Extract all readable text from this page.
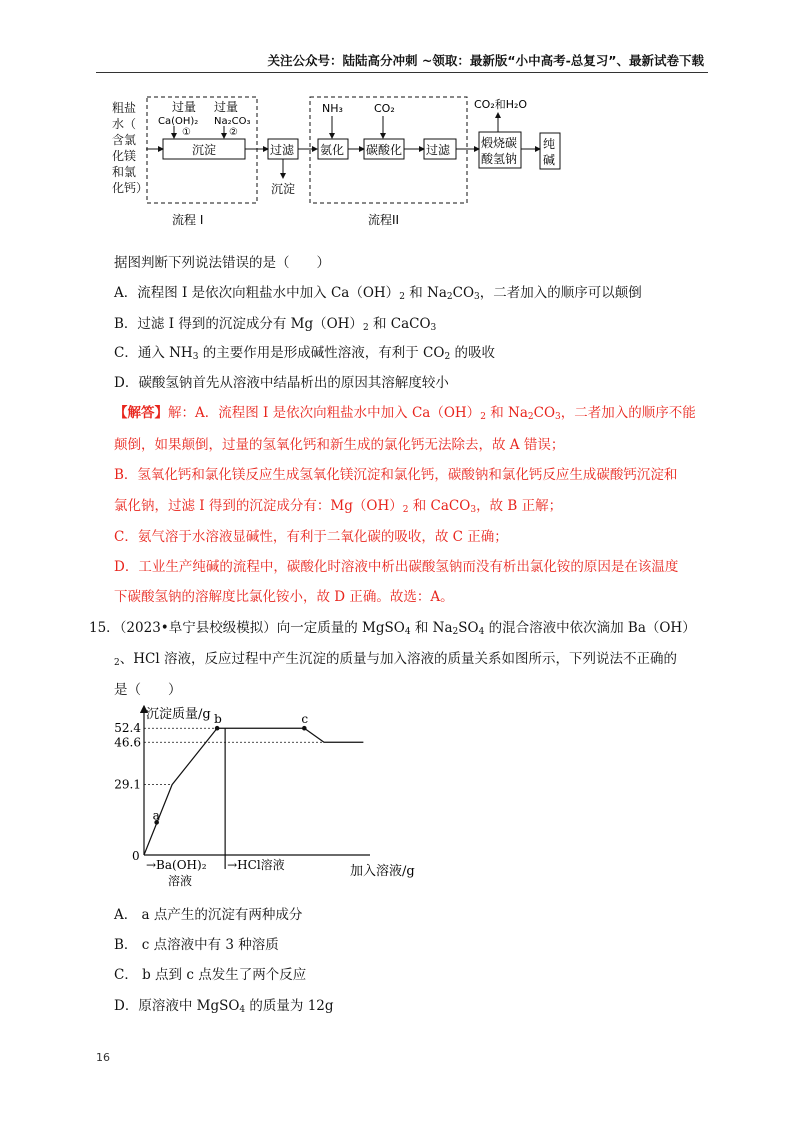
关注公众号：陆陆高分冲刺 ~领取：最新版“小中高考-总复习”、最新试卷下载
粗盐
水（
含氯
化镁
和氯
化钙）
过量
Ca(OH)₂
①
过量
Na₂CO₃
②
沉淀	过滤
沉淀
NH₃	CO₂
氨化 碳酸化 过滤
CO₂和H₂O
煅烧碳
酸氢钠
纯
碱
流程 I	流程II
据图判断下列说法错误的是（　　）
A．流程图 I 是依次向粗盐水中加入 $Ca(OH)_2$ 和 $Na_2CO_3$，二者加入的顺序可以颠倒
B．过滤 I 得到的沉淀成分有 $Mg(OH)_2$ 和 CaCO$_3$
C．通入 $NH_3$ 的主要作用是形成碱性溶液，有利于 $CO_2$ 的吸收
D．碳酸氢钠首先从溶液中结晶析出的原因其溶解度较小
【解答】解：A．流程图 I 是依次向粗盐水中加入 $Ca(OH)_2$ 和 $Na_2CO_3$，二者加入的顺序不能
颠倒，如果颠倒，过量的氢氧化钙和新生成的氯化钙无法除去，故 A 错误；
B．氢氧化钙和氯化镁反应生成氢氧化镁沉淀和氯化钙，碳酸钠和氯化钙反应生成碳酸钙沉淀和
氯化钠，过滤 I 得到的沉淀成分有：$Mg(OH)_2$ 和 CaCO$_3$，故 B 正解；
C．氨气溶于水溶液显碱性，有利于二氧化碳的吸收，故 C 正确；
D．工业生产纯碱的流程中，碳酸化时溶液中析出碳酸氢钠而没有析出氯化铵的原因是在该温度
下碳酸氢钠的溶解度比氯化铵小，故 D 正确。故选：A。
15．（2023•阜宁县校级模拟）向一定质量的 MgSO$_4$ 和 $Na_2SO_4$ 的混合溶液中依次滴加 Ba（OH）
$_2$、HCl 溶液，反应过程中产生沉淀的质量与加入溶液的质量关系如图所示，下列说法不正确的
是（　　）
沉淀质量/g
加入溶液/g
0
29.1
46.6
52.4
→Ba(OH)₂
溶液
→HCl溶液
b	c
a
A． a 点产生的沉淀有两种成分
B． c 点溶液中有 3 种溶质
C． b 点到 c 点发生了两个反应
D．原溶液中 MgSO$_4$ 的质量为 12g
16
